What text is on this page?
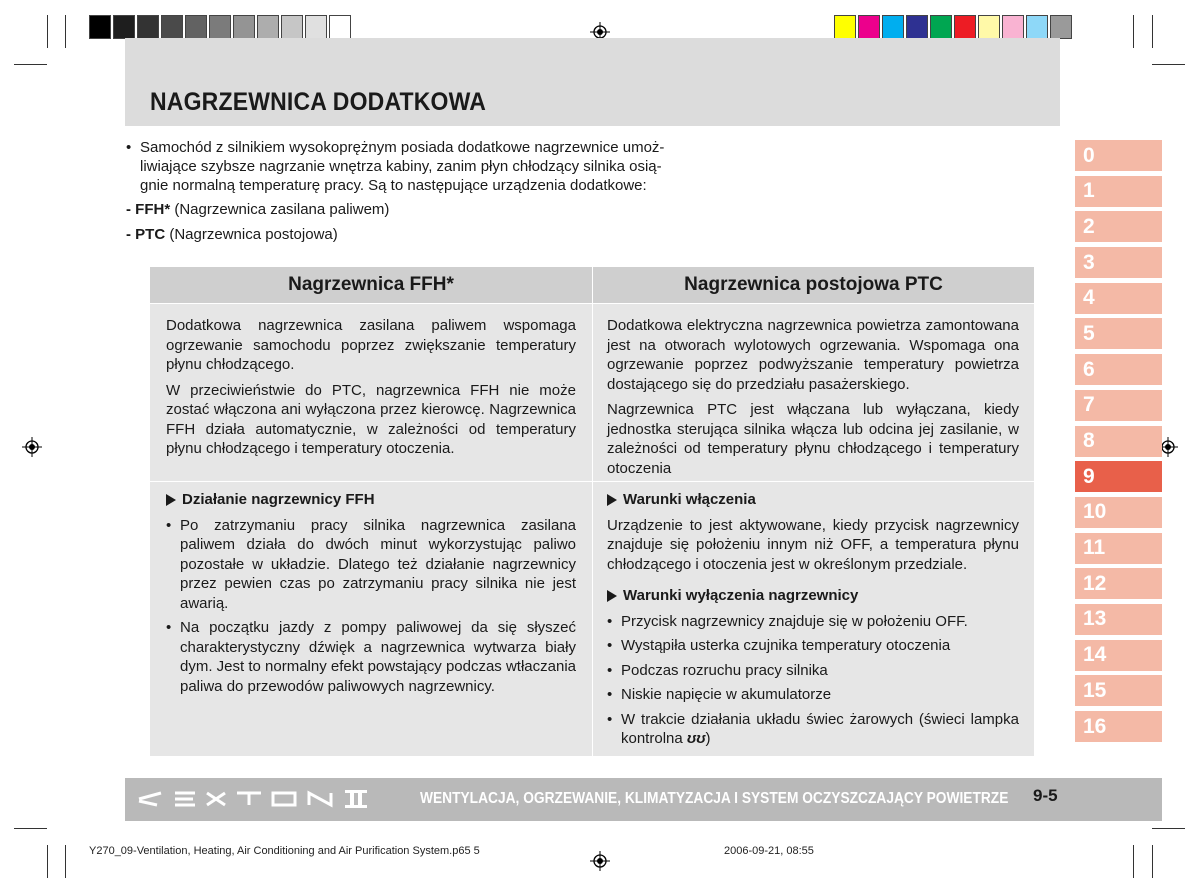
NAGRZEWNICA DODATKOWA
• Samochód z silnikiem wysokoprężnym posiada dodatkowe nagrzewnice umoż-
liwiające szybsze nagrzanie wnętrza kabiny, zanim płyn chłodzący silnika osią-
gnie normalną temperaturę pracy. Są to następujące urządzenia dodatkowe:
- FFH* (Nagrzewnica zasilana paliwem)
- PTC (Nagrzewnica postojowa)
Nagrzewnica FFH*	Nagrzewnica postojowa PTC

Dodatkowa nagrzewnica zasilana paliwem wspomaga ogrzewanie samochodu poprzez zwiększanie temperatury płynu chłodzącego.

W przeciwieństwie do PTC, nagrzewnica FFH nie może zostać włączona ani wyłączona przez kierowcę. Nagrzewnica FFH działa automatycznie, w zależności od temperatury płynu chłodzącego i temperatury otoczenia.

Dodatkowa elektryczna nagrzewnica powietrza zamontowana jest na otworach wylotowych ogrzewania. Wspomaga ona ogrzewanie poprzez podwyższanie temperatury powietrza dostającego się do przedziału pasażerskiego.

Nagrzewnica PTC jest włączana lub wyłączana, kiedy jednostka sterująca silnika włącza lub odcina jej zasilanie, w zależności od temperatury płynu chłodzącego i temperatury otoczenia

Działanie nagrzewnicy FFH
• Po zatrzymaniu pracy silnika nagrzewnica zasilana paliwem działa do dwóch minut wykorzystując paliwo pozostałe w układzie. Dlatego też działanie nagrzewnicy przez pewien czas po zatrzymaniu pracy silnika nie jest awarią.
• Na początku jazdy z pompy paliwowej da się słyszeć charakterystyczny dźwięk a nagrzewnica wytwarza biały dym. Jest to normalny efekt powstający podczas wtłaczania paliwa do przewodów paliwowych nagrzewnicy.
Warunki włączenia

Urządzenie to jest aktywowane, kiedy przycisk nagrzewnicy znajduje się położeniu innym niż OFF, a temperatura płynu chłodzącego i otoczenia jest w określonym przedziale.

Warunki wyłączenia nagrzewnicy
• Przycisk nagrzewnicy znajduje się w położeniu OFF.
• Wystąpiła usterka czujnika temperatury otoczenia
• Podczas rozruchu pracy silnika
• Niskie napięcie w akumulatorze
• W trakcie działania układu świec żarowych (świeci lampka kontrolna ʊʊ)
0
1
2
3
4
5
6
7
8
9
10
11
12
13
14
15
16
WENTYLACJA, OGRZEWANIE, KLIMATYZACJA I SYSTEM OCZYSZCZAJĄCY POWIETRZE 9-5
Y270_09-Ventilation, Heating, Air Conditioning and Air Purification System.p65 5	2006-09-21, 08:55
